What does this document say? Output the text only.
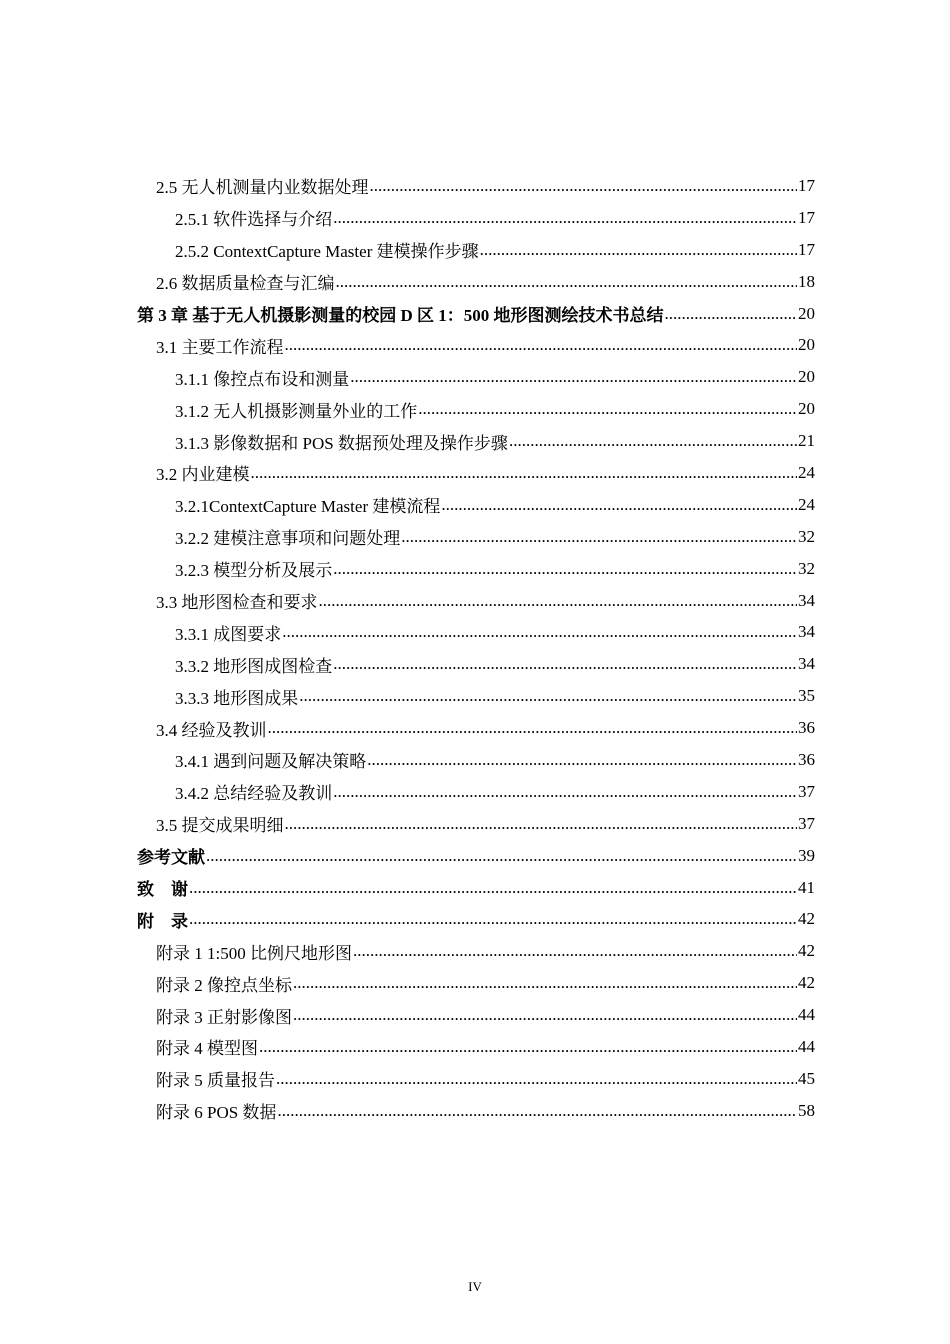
2.5 无人机测量内业数据处理 .....	17
2.5.1 软件选择与介绍 .....	17
2.5.2 ContextCapture Master 建模操作步骤 .....	17
2.6 数据质量检查与汇编 .....	18
第 3 章 基于无人机摄影测量的校园 D 区 1：500 地形图测绘技术书总结 .....	20
3.1 主要工作流程 .....	20
3.1.1 像控点布设和测量 .....	20
3.1.2 无人机摄影测量外业的工作 .....	20
3.1.3 影像数据和 POS 数据预处理及操作步骤 .....	21
3.2 内业建模 .....	24
3.2.1ContextCapture Master 建模流程 .....	24
3.2.2 建模注意事项和问题处理 .....	32
3.2.3 模型分析及展示 .....	32
3.3 地形图检查和要求 .....	34
3.3.1 成图要求 .....	34
3.3.2 地形图成图检查 .....	34
3.3.3 地形图成果 .....	35
3.4 经验及教训 .....	36
3.4.1 遇到问题及解决策略 .....	36
3.4.2 总结经验及教训 .....	37
3.5 提交成果明细 .....	37
参考文献 .....	39
致    谢 .....	41
附    录 .....	42
附录 1 1:500 比例尺地形图 .....	42
附录 2 像控点坐标 .....	42
附录 3 正射影像图 .....	44
附录 4 模型图 .....	44
附录 5 质量报告 .....	45
附录 6 POS 数据 .....	58
IV
